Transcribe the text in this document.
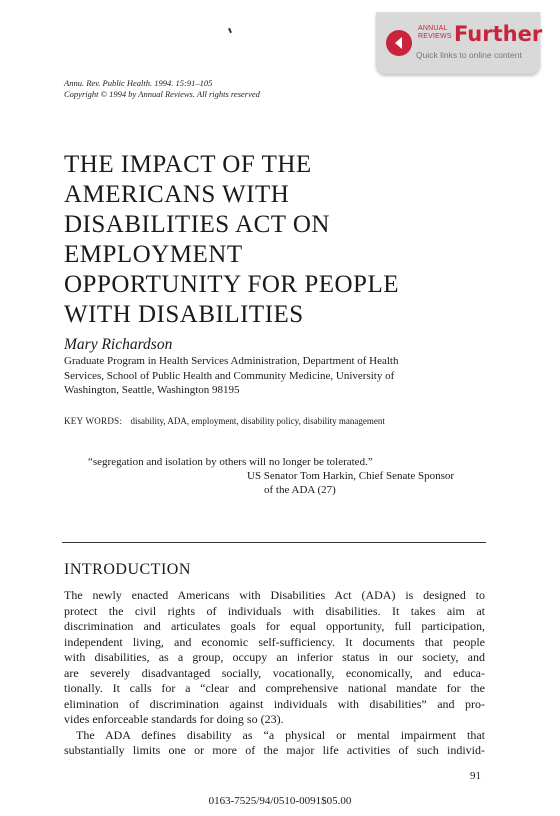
ANNUAL
REVIEWS Further
Quick links to online content
Annu. Rev. Public Health. 1994. 15:91–105
Copyright © 1994 by Annual Reviews. All rights reserved
THE IMPACT OF THE
AMERICANS WITH
DISABILITIES ACT ON
EMPLOYMENT
OPPORTUNITY FOR PEOPLE
WITH DISABILITIES
Mary Richardson
Graduate Program in Health Services Administration, Department of Health
Services, School of Public Health and Community Medicine, University of
Washington, Seattle, Washington 98195
KEY WORDS: disability, ADA, employment, disability policy, disability management
“segregation and isolation by others will no longer be tolerated.”
US Senator Tom Harkin, Chief Senate Sponsor
of the ADA (27)
INTRODUCTION
The newly enacted Americans with Disabilities Act (ADA) is designed to
protect the civil rights of individuals with disabilities. It takes aim at
discrimination and articulates goals for equal opportunity, full participation,
independent living, and economic self-sufficiency. It documents that people
with disabilities, as a group, occupy an inferior status in our society, and
are severely disadvantaged socially, vocationally, economically, and educa-
tionally. It calls for a “clear and comprehensive national mandate for the
elimination of discrimination against individuals with disabilities” and pro-
vides enforceable standards for doing so (23).
The ADA defines disability as “a physical or mental impairment that
substantially limits one or more of the major life activities of such individ-
91
0163-7525/94/0510-0091$05.00
